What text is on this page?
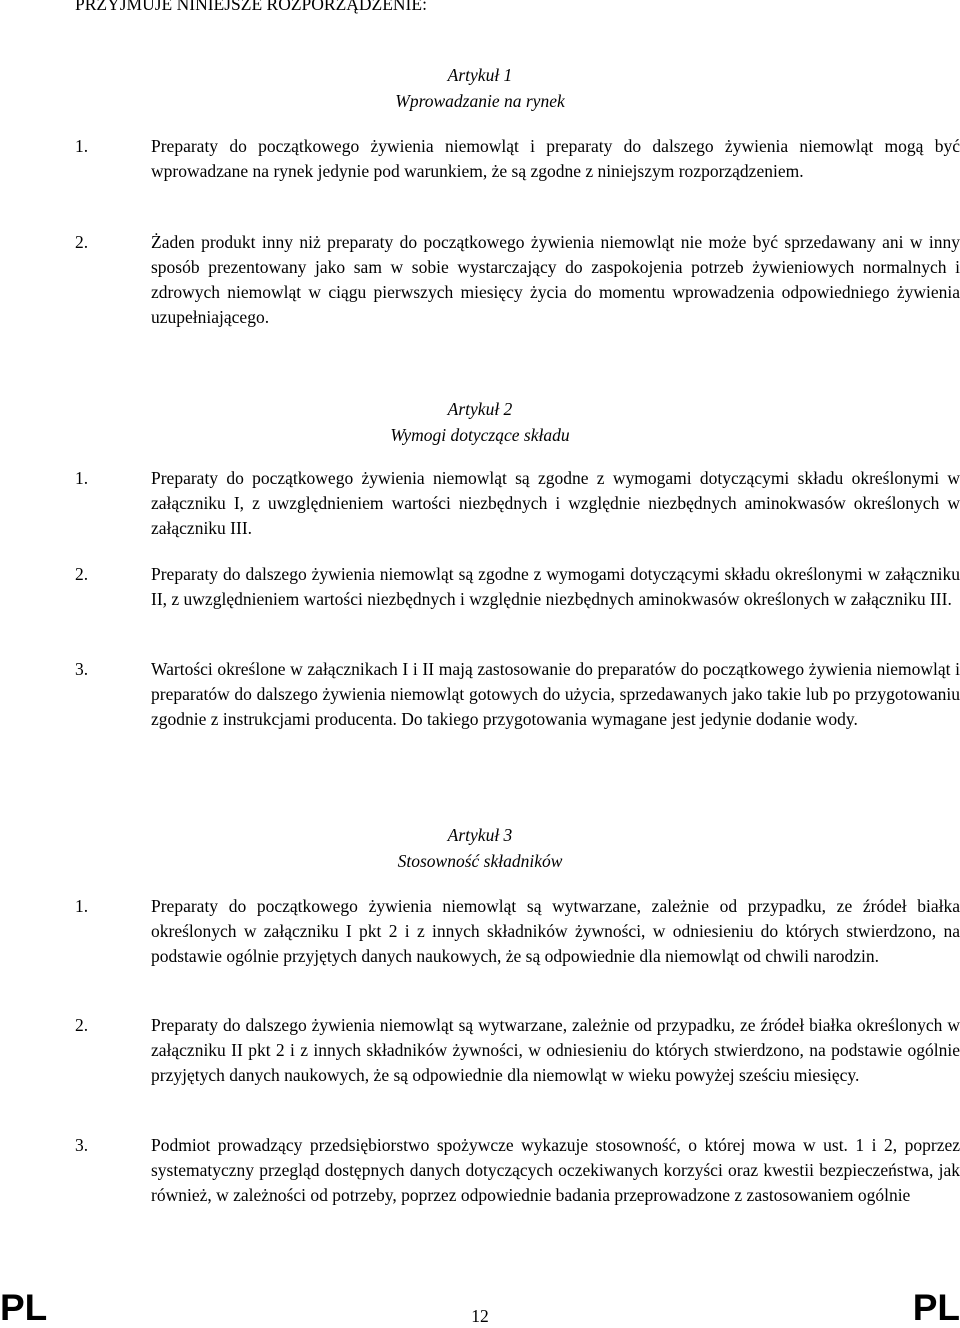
PRZYJMUJE NINIEJSZE ROZPORZĄDZENIE:
Artykuł 1
Wprowadzanie na rynek
1.	Preparaty do początkowego żywienia niemowląt i preparaty do dalszego żywienia niemowląt mogą być wprowadzane na rynek jedynie pod warunkiem, że są zgodne z niniejszym rozporządzeniem.
2.	Żaden produkt inny niż preparaty do początkowego żywienia niemowląt nie może być sprzedawany ani w inny sposób prezentowany jako sam w sobie wystarczający do zaspokojenia potrzeb żywieniowych normalnych i zdrowych niemowląt w ciągu pierwszych miesięcy życia do momentu wprowadzenia odpowiedniego żywienia uzupełniającego.
Artykuł 2
Wymogi dotyczące składu
1.	Preparaty do początkowego żywienia niemowląt są zgodne z wymogami dotyczącymi składu określonymi w załączniku I, z uwzględnieniem wartości niezbędnych i względnie niezbędnych aminokwasów określonych w załączniku III.
2.	Preparaty do dalszego żywienia niemowląt są zgodne z wymogami dotyczącymi składu określonymi w załączniku II, z uwzględnieniem wartości niezbędnych i względnie niezbędnych aminokwasów określonych w załączniku III.
3.	Wartości określone w załącznikach I i II mają zastosowanie do preparatów do początkowego żywienia niemowląt i preparatów do dalszego żywienia niemowląt gotowych do użycia, sprzedawanych jako takie lub po przygotowaniu zgodnie z instrukcjami producenta. Do takiego przygotowania wymagane jest jedynie dodanie wody.
Artykuł 3
Stosowność składników
1.	Preparaty do początkowego żywienia niemowląt są wytwarzane, zależnie od przypadku, ze źródeł białka określonych w załączniku I pkt 2 i z innych składników żywności, w odniesieniu do których stwierdzono, na podstawie ogólnie przyjętych danych naukowych, że są odpowiednie dla niemowląt od chwili narodzin.
2.	Preparaty do dalszego żywienia niemowląt są wytwarzane, zależnie od przypadku, ze źródeł białka określonych w załączniku II pkt 2 i z innych składników żywności, w odniesieniu do których stwierdzono, na podstawie ogólnie przyjętych danych naukowych, że są odpowiednie dla niemowląt w wieku powyżej sześciu miesięcy.
3.	Podmiot prowadzący przedsiębiorstwo spożywcze wykazuje stosowność, o której mowa w ust. 1 i 2, poprzez systematyczny przegląd dostępnych danych dotyczących oczekiwanych korzyści oraz kwestii bezpieczeństwa, jak również, w zależności od potrzeby, poprzez odpowiednie badania przeprowadzone z zastosowaniem ogólnie
PL	12	PL
